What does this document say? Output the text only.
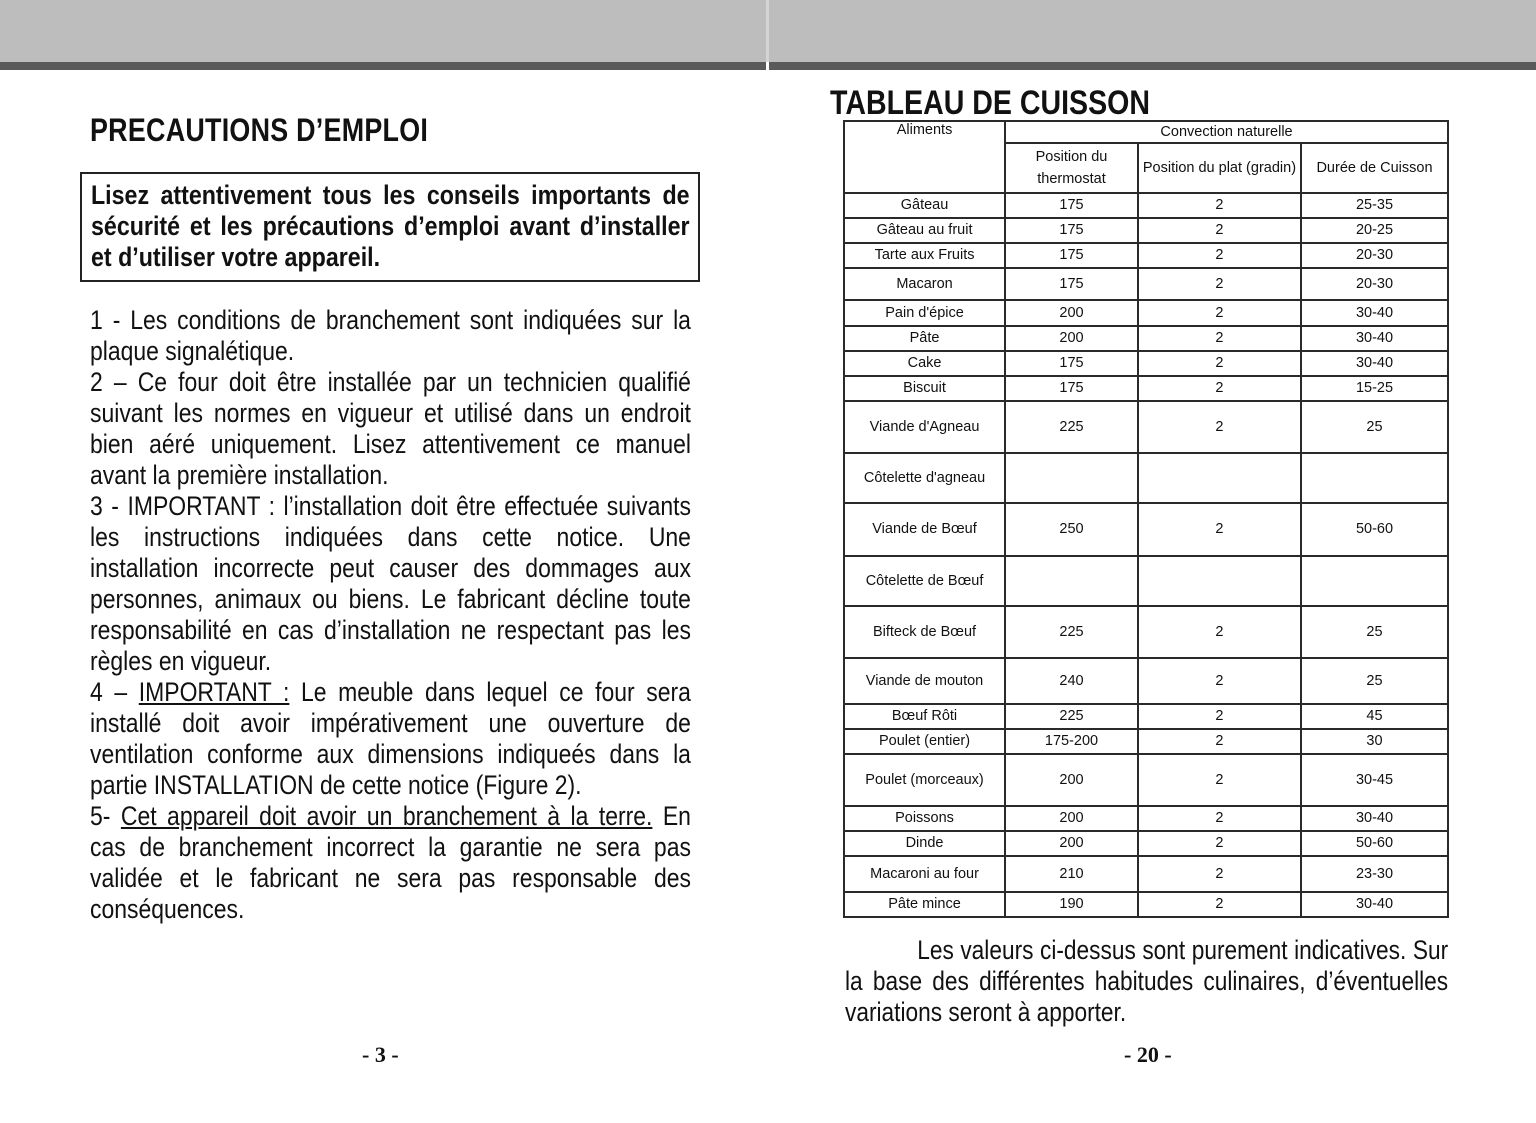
PRECAUTIONS D’EMPLOI

Lisez attentivement tous les conseils importants de sécurité et les précautions d’emploi avant d’installer et d’utiliser votre appareil.

1 - Les conditions de branchement sont indiquées sur la plaque signalétique.

2 – Ce four doit être installée par un technicien qualifié suivant les normes en vigueur et utilisé dans un endroit bien aéré uniquement. Lisez attentivement ce manuel avant la première installation.

3 - IMPORTANT : l’installation doit être effectuée suivants les instructions indiquées dans cette notice. Une installation incorrecte peut causer des dommages aux personnes, animaux ou biens. Le fabricant décline toute responsabilité en cas d’installation ne respectant pas les règles en vigueur.

4 – IMPORTANT : Le meuble dans lequel ce four sera installé doit avoir impérativement une ouverture de ventilation conforme aux dimensions indiqueés dans la partie INSTALLATION de cette notice (Figure 2).

5- Cet appareil doit avoir un branchement à la terre. En cas de branchement incorrect la garantie ne sera pas validée et le fabricant ne sera pas responsable des conséquences.

- 3 -

TABLEAU DE CUISSON
Aliments	Convection naturelle		
	Position du thermostat	Position du plat (gradin)	Durée de Cuisson
Gâteau	175	2	25-35
Gâteau au fruit	175	2	20-25
Tarte aux Fruits	175	2	20-30
Macaron	175	2	20-30
Pain d'épice	200	2	30-40
Pâte	200	2	30-40
Cake	175	2	30-40
Biscuit	175	2	15-25
Viande d'Agneau	225	2	25
Côtelette d'agneau			
Viande de Bœuf	250	2	50-60
Côtelette de Bœuf			
Bifteck de Bœuf	225	2	25
Viande de mouton	240	2	25
Bœuf Rôti	225	2	45
Poulet (entier)	175-200	2	30
Poulet (morceaux)	200	2	30-45
Poissons	200	2	30-40
Dinde	200	2	50-60
Macaroni au four	210	2	23-30
Pâte mince	190	2	30-40

Les valeurs ci-dessus sont purement indicatives. Sur la base des différentes habitudes culinaires, d’éventuelles variations seront à apporter.

- 20 -
